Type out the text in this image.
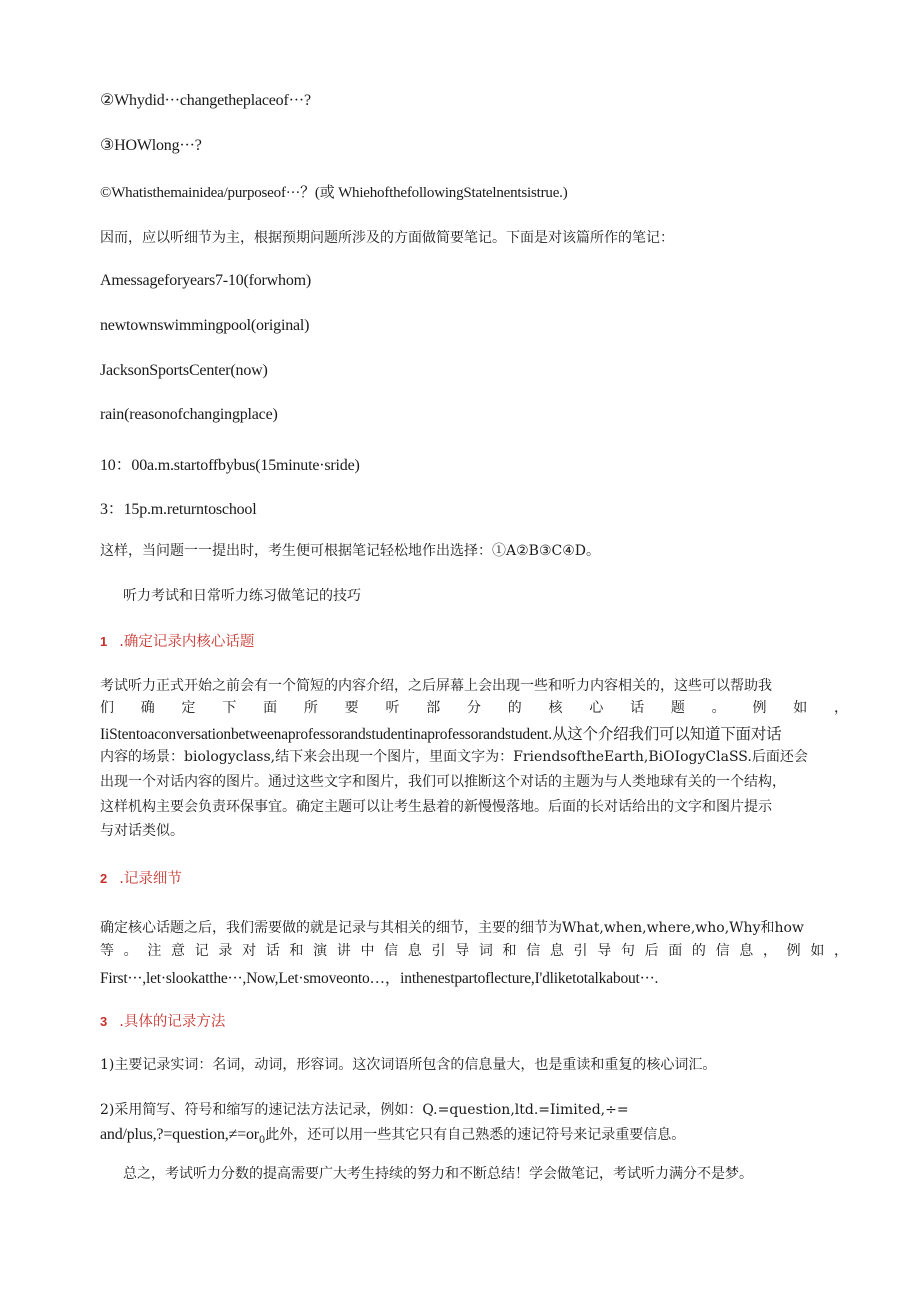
②Whydid···changetheplaceof···?

③HOWlong···?

©Whatisthemainidea/purposeof···？(或 WhiehofthefollowingStatelnentsistrue.)

因而，应以听细节为主，根据预期问题所涉及的方面做简要笔记。下面是对该篇所作的笔记：

Amessageforyears7-10(forwhom)

newtownswimmingpool(original)

JacksonSportsCenter(now)

rain(reasonofchangingplace)

10：00a.m.startoffbybus(15minute·sride)

3：15p.m.returntoschool

这样，当问题一一提出时，考生便可根据笔记轻松地作出选择：①A②B③C④D。

听力考试和日常听力练习做笔记的技巧

1 .确定记录内核心话题

考试听力正式开始之前会有一个简短的内容介绍，之后屏幕上会出现一些和听力内容相关的，这些可以帮助我

们确定下面所要听部分的核心话题。例如，

IiStentoaconversationbetweenaprofessorandstudentinaprofessorandstudent.从这个介绍我们可以知道下面对话

内容的场景：biologyclass,结下来会出现一个图片，里面文字为：FriendsoftheEarth,BiOIogyClaSS.后面还会

出现一个对话内容的图片。通过这些文字和图片，我们可以推断这个对话的主题为与人类地球有关的一个结构，

这样机构主要会负责环保事宜。确定主题可以让考生悬着的新慢慢落地。后面的长对话给出的文字和图片提示

与对话类似。

2 .记录细节

确定核心话题之后，我们需要做的就是记录与其相关的细节，主要的细节为What,when,where,who,Why和how

等。注意记录对话和演讲中信息引导词和信息引导句后面的信息，例如，

First···,let·slookatthe···,Now,Let·smoveonto…，inthenestpartoflecture,I'dliketotalkabout···.

3 .具体的记录方法

1)主要记录实词：名词，动词，形容词。这次词语所包含的信息量大，也是重读和重复的核心词汇。

2)采用简写、符号和缩写的速记法方法记录，例如：Q.=question,ltd.=Iimited,÷=

and/$plus,?=question,\ne=or_0$此外，还可以用一些其它只有自己熟悉的速记符号来记录重要信息。

总之，考试听力分数的提高需要广大考生持续的努力和不断总结！学会做笔记，考试听力满分不是梦。
